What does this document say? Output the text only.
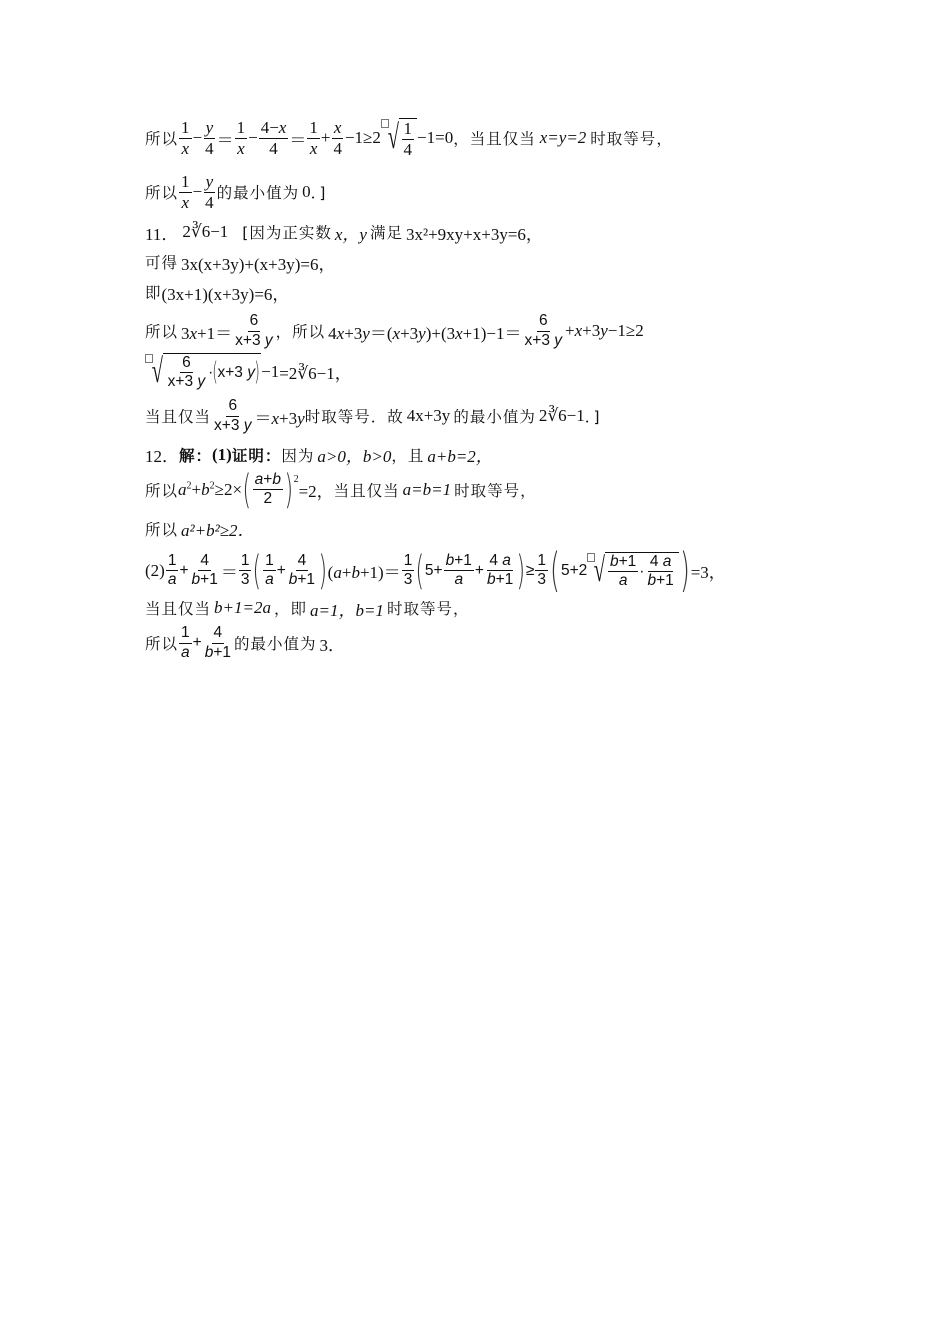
所以 $\frac{1}{x} - \frac{y}{4} = \frac{1}{x} - \frac{4-x}{4} = \frac{1}{x} + \frac{x}{4} -1\ge 2$ √ $\frac{1}{4} -1 =0$ ， 当且仅当 x=y=2 时取等号 ，
所以 $\frac{1}{x} - \frac{y}{4}$ 的最小值为 0 ．]
11． 2∛6−1 [因为正实数 x，y 满足 3x²+9xy+x+3y=6，
可得 3x(x+3y)+(x+3y)=6，
即 (3x+1)(x+3y)=6，
所以 $3x+1= \frac{6}{x+3 y}$ ，所以 $4x+3y=(x+3y)+(3x+1)-1= \frac{6}{x+3 y} +x+3y-1\ge 2$
√ $\frac{6}{x+3 y}$ · ( x+3 y ) −1 =2∛6−1，
当且仅当 $\frac{6}{x+3 y} =x+3y$ 时取等号． 故 4x+3y 的最小值为 2∛6−1 ．]
12． 解： (1) 证明： 因为 a>0，b>0 ，且 a+b=2，
所以 $a^2+b^2\ge 2\times$ ( $\frac{a+b}{2} )^2$
=2， 当且仅当 a=b=1 时取等号 ，
所以 a²+b²≥2．
$(2) \frac{1}{a} + \frac{4}{b+1} = \frac{1}{3}$ ( $\frac{1}{a} + \frac{4}{b+1}$ ) $(a+b+1)= \frac{1}{3}$ ( $5+ \frac{b+1}{a} + \frac{4 a}{b+1}$ ) ≥ $\frac{1}{3}$ ( 5+2 √ $\frac{b+1}{a} \cdot \frac{4 a}{b+1}$ ) =3，
当且仅当 b+1=2a ，即 a=1，b=1 时取等号 ，
所以 $\frac{1}{a} + \frac{4}{b+1}$ 的最小值为 3．
